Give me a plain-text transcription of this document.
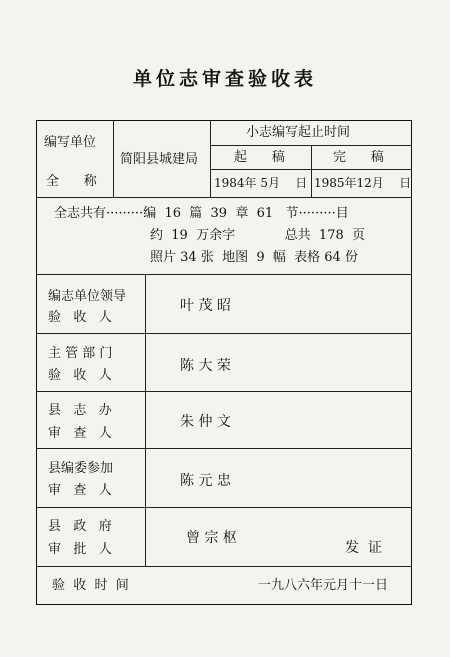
单位志审查验收表
编写单位
全      称
简阳县城建局
小志编写起止时间
起      稿	完      稿
1984年 5月    日 1985年12月    日
全志共有·········编  16  篇  39  章  61   节·········目
约  19  万余字            总共  178  页
照片 34 张  地图  9  幅  表格 64 份
编志单位领导
验   收   人
叶 茂 昭
主 管 部 门
验   收   人
陈 大 荣
县   志   办
审   查   人
朱 仲 文
县编委参加
审   查   人
陈 元 忠
县   政   府
审   批   人
曾 宗 枢
发  证
验  收  时  间	一九八六年元月十一日
